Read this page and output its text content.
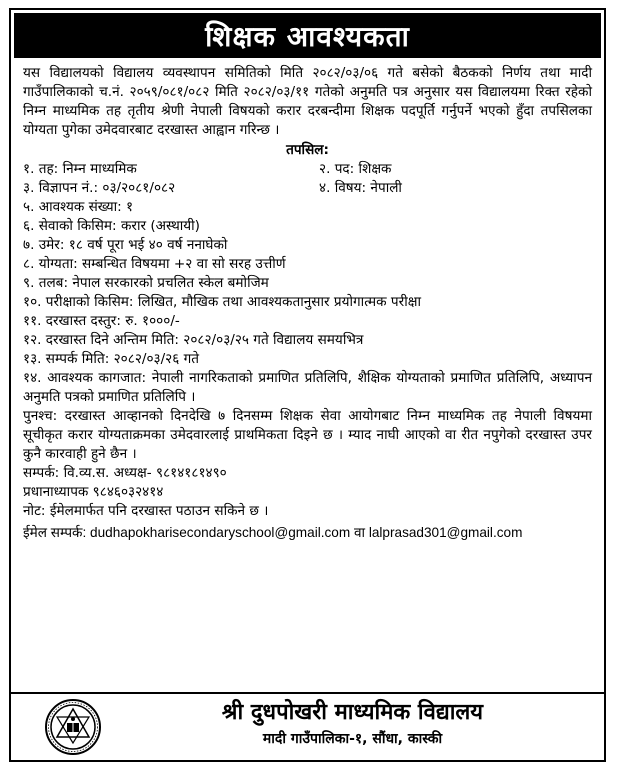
शिक्षक आवश्यकता

यस विद्यालयको विद्यालय व्यवस्थापन समितिको मिति २०८२/०३/०६ गते बसेको बैठकको निर्णय तथा मादी गाउँपालिकाको च.नं. २०५९/०८१/०८२ मिति २०८२/०३/११ गतेको अनुमति पत्र अनुसार यस विद्यालयमा रिक्त रहेको निम्न माध्यमिक तह तृतीय श्रेणी नेपाली विषयको करार दरबन्दीमा शिक्षक पदपूर्ति गर्नुपर्ने भएको हुँदा तपसिलका योग्यता पुगेका उमेदवारबाट दरखास्त आह्वान गरिन्छ ।

तपसिल:

१. तह: निम्न माध्यमिक	२. पद: शिक्षक
३. विज्ञापन नं.: ०३/२०८१/०८२	४. विषय: नेपाली

५. आवश्यक संख्या: १

६. सेवाको किसिम: करार (अस्थायी)

७. उमेर: १८ वर्ष पूरा भई ४० वर्ष ननाघेको

८. योग्यता: सम्बन्धित विषयमा +२ वा सो सरह उत्तीर्ण

९. तलब: नेपाल सरकारको प्रचलित स्केल बमोजिम

१०. परीक्षाको किसिम: लिखित, मौखिक तथा आवश्यकतानुसार प्रयोगात्मक परीक्षा

११. दरखास्त दस्तुर: रु. १०००/-

१२. दरखास्त दिने अन्तिम मिति: २०८२/०३/२५ गते विद्यालय समयभित्र

१३. सम्पर्क मिति: २०८२/०३/२६ गते

१४. आवश्यक कागजात: नेपाली नागरिकताको प्रमाणित प्रतिलिपि, शैक्षिक योग्यताको प्रमाणित प्रतिलिपि, अध्यापन अनुमति पत्रको प्रमाणित प्रतिलिपि ।

पुनश्च: दरखास्त आव्हानको दिनदेखि ७ दिनसम्म शिक्षक सेवा आयोगबाट निम्न माध्यमिक तह नेपाली विषयमा सूचीकृत करार योग्यताक्रमका उमेदवारलाई प्राथमिकता दिइने छ । म्याद नाघी आएको वा रीत नपुगेको दरखास्त उपर कुनै कारवाही हुने छैन ।

सम्पर्क: वि.व्य.स. अध्यक्ष- ९८१४१८१४९०

प्रधानाध्यापक ९८४६०३२४१४

नोट: ईमेलमार्फत पनि दरखास्त पठाउन सकिने छ ।

ईमेल सम्पर्क: dudhapokharisecondaryschool@gmail.com वा lalprasad301@gmail.com

श्री दुधपोखरी माध्यमिक विद्यालय
मादी गाउँपालिका-१, सौंधा, कास्की
